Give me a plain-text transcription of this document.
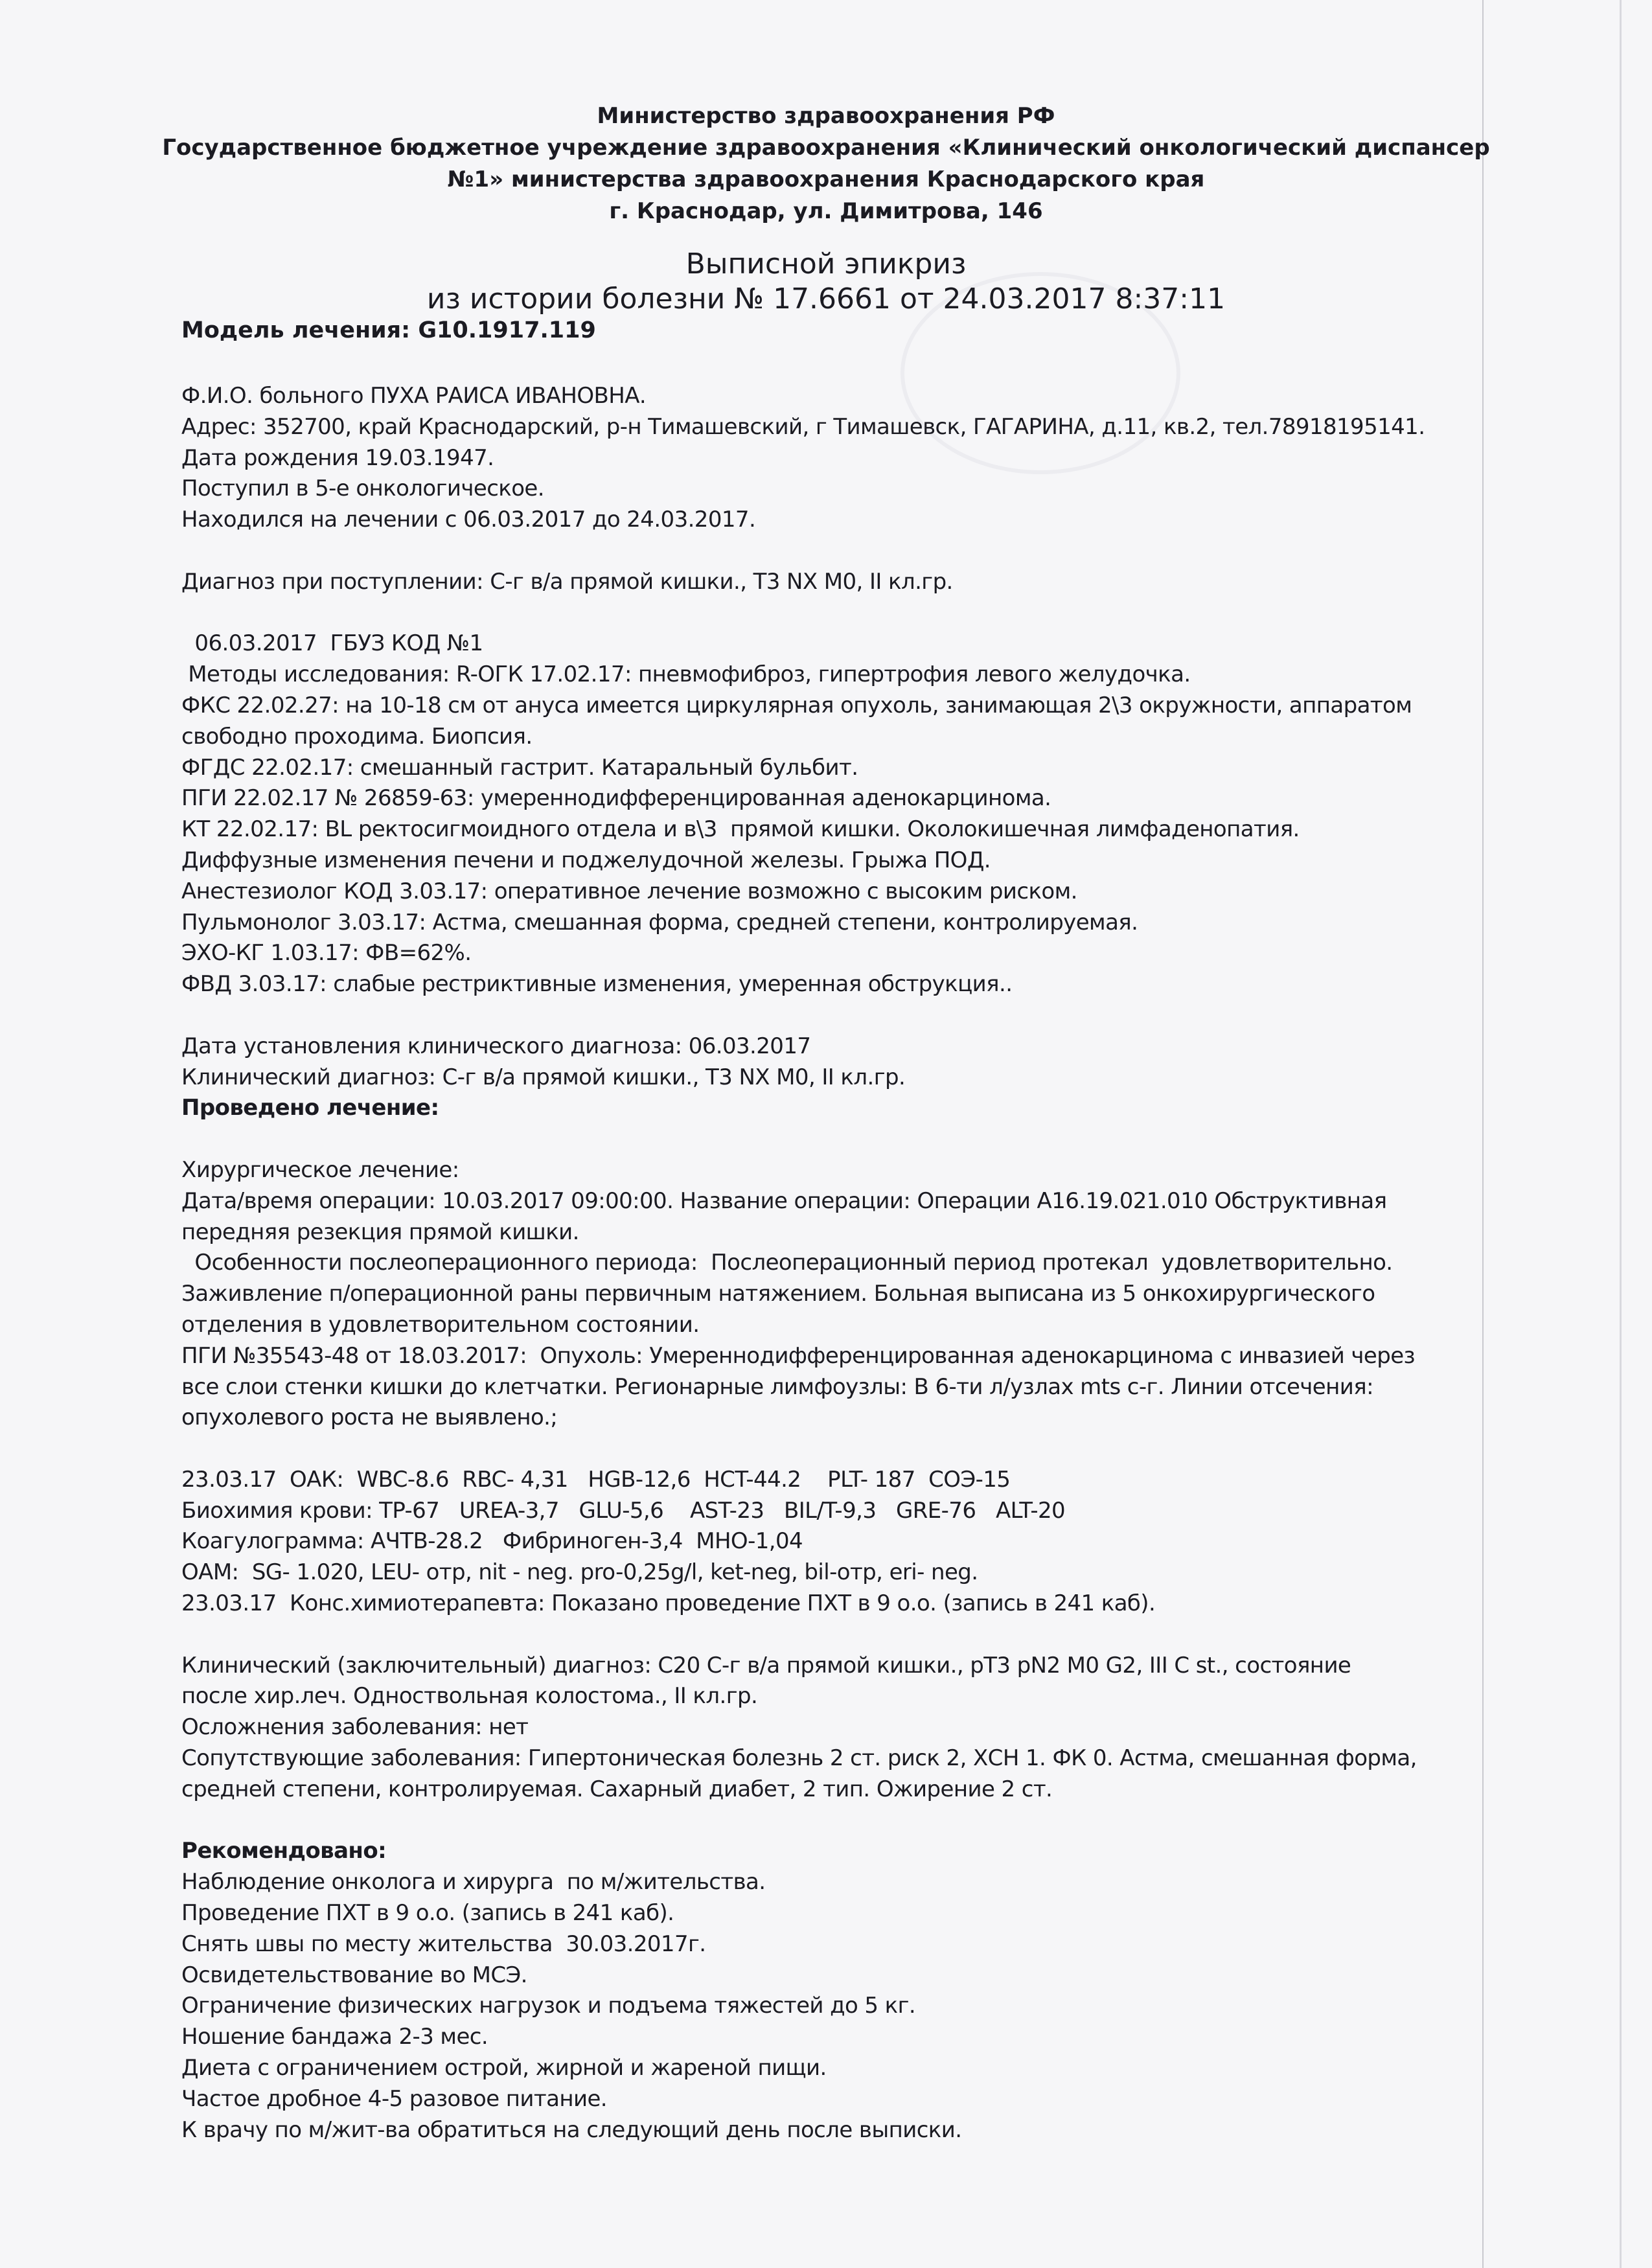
Министерство здравоохранения РФ
Государственное бюджетное учреждение здравоохранения «Клинический онкологический диспансер
№1» министерства здравоохранения Краснодарского края
г. Краснодар, ул. Димитрова, 146
Выписной эпикриз
из истории болезни № 17.6661 от 24.03.2017 8:37:11
Модель лечения: G10.1917.119
Ф.И.О. больного ПУХА РАИСА ИВАНОВНА.
Адрес: 352700, край Краснодарский, р-н Тимашевский, г Тимашевск, ГАГАРИНА, д.11, кв.2, тел.78918195141.
Дата рождения 19.03.1947.
Поступил в 5-е онкологическое.
Находился на лечении с 06.03.2017 до 24.03.2017.
Диагноз при поступлении: С-г в/а прямой кишки., T3 NX M0, II кл.гр.
06.03.2017  ГБУЗ КОД №1
Методы исследования: R-ОГК 17.02.17: пневмофиброз, гипертрофия левого желудочка.
ФКС 22.02.27: на 10-18 см от ануса имеется циркулярная опухоль, занимающая 2\3 окружности, аппаратом
свободно проходима. Биопсия.
ФГДС 22.02.17: смешанный гастрит. Катаральный бульбит.
ПГИ 22.02.17 № 26859-63: умереннодифференцированная аденокарцинома.
КТ 22.02.17: BL ректосигмоидного отдела и в\3  прямой кишки. Околокишечная лимфаденопатия.
Диффузные изменения печени и поджелудочной железы. Грыжа ПОД.
Анестезиолог КОД 3.03.17: оперативное лечение возможно с высоким риском.
Пульмонолог 3.03.17: Астма, смешанная форма, средней степени, контролируемая.
ЭХО-КГ 1.03.17: ФВ=62%.
ФВД 3.03.17: слабые рестриктивные изменения, умеренная обструкция..
Дата установления клинического диагноза: 06.03.2017
Клинический диагноз: С-г в/а прямой кишки., T3 NX M0, II кл.гр.
Проведено лечение:
Хирургическое лечение:
Дата/время операции: 10.03.2017 09:00:00. Название операции: Операции A16.19.021.010 Обструктивная
передняя резекция прямой кишки.
Особенности послеоперационного периода:  Послеоперационный период протекал  удовлетворительно.
Заживление п/операционной раны первичным натяжением. Больная выписана из 5 онкохирургического
отделения в удовлетворительном состоянии.
ПГИ №35543-48 от 18.03.2017:  Опухоль: Умереннодифференцированная аденокарцинома с инвазией через
все слои стенки кишки до клетчатки. Регионарные лимфоузлы: В 6-ти л/узлах mts с-г. Линии отсечения:
опухолевого роста не выявлено.;
23.03.17  ОАК:  WBC-8.6  RBC- 4,31   HGB-12,6  HCT-44.2    PLT- 187  СОЭ-15
Биохимия крови: TP-67   UREA-3,7   GLU-5,6    AST-23   BIL/T-9,3   GRE-76   ALT-20
Коагулограмма: АЧТВ-28.2   Фибриноген-3,4  МНО-1,04
ОАМ:  SG- 1.020, LEU- отр, nit - neg. pro-0,25g/l, ket-neg, bil-отр, eri- neg.
23.03.17  Конс.химиотерапевта: Показано проведение ПХТ в 9 о.о. (запись в 241 каб).
Клинический (заключительный) диагноз: C20 С-г в/а прямой кишки., pT3 pN2 M0 G2, III C st., состояние
после хир.леч. Одноствольная колостома., II кл.гр.
Осложнения заболевания: нет
Сопутствующие заболевания: Гипертоническая болезнь 2 ст. риск 2, ХСН 1. ФК 0. Астма, смешанная форма,
средней степени, контролируемая. Сахарный диабет, 2 тип. Ожирение 2 ст.
Рекомендовано:
Наблюдение онколога и хирурга  по м/жительства.
Проведение ПХТ в 9 о.о. (запись в 241 каб).
Снять швы по месту жительства  30.03.2017г.
Освидетельствование во МСЭ.
Ограничение физических нагрузок и подъема тяжестей до 5 кг.
Ношение бандажа 2-3 мес.
Диета с ограничением острой, жирной и жареной пищи.
Частое дробное 4-5 разовое питание.
К врачу по м/жит-ва обратиться на следующий день после выписки.
